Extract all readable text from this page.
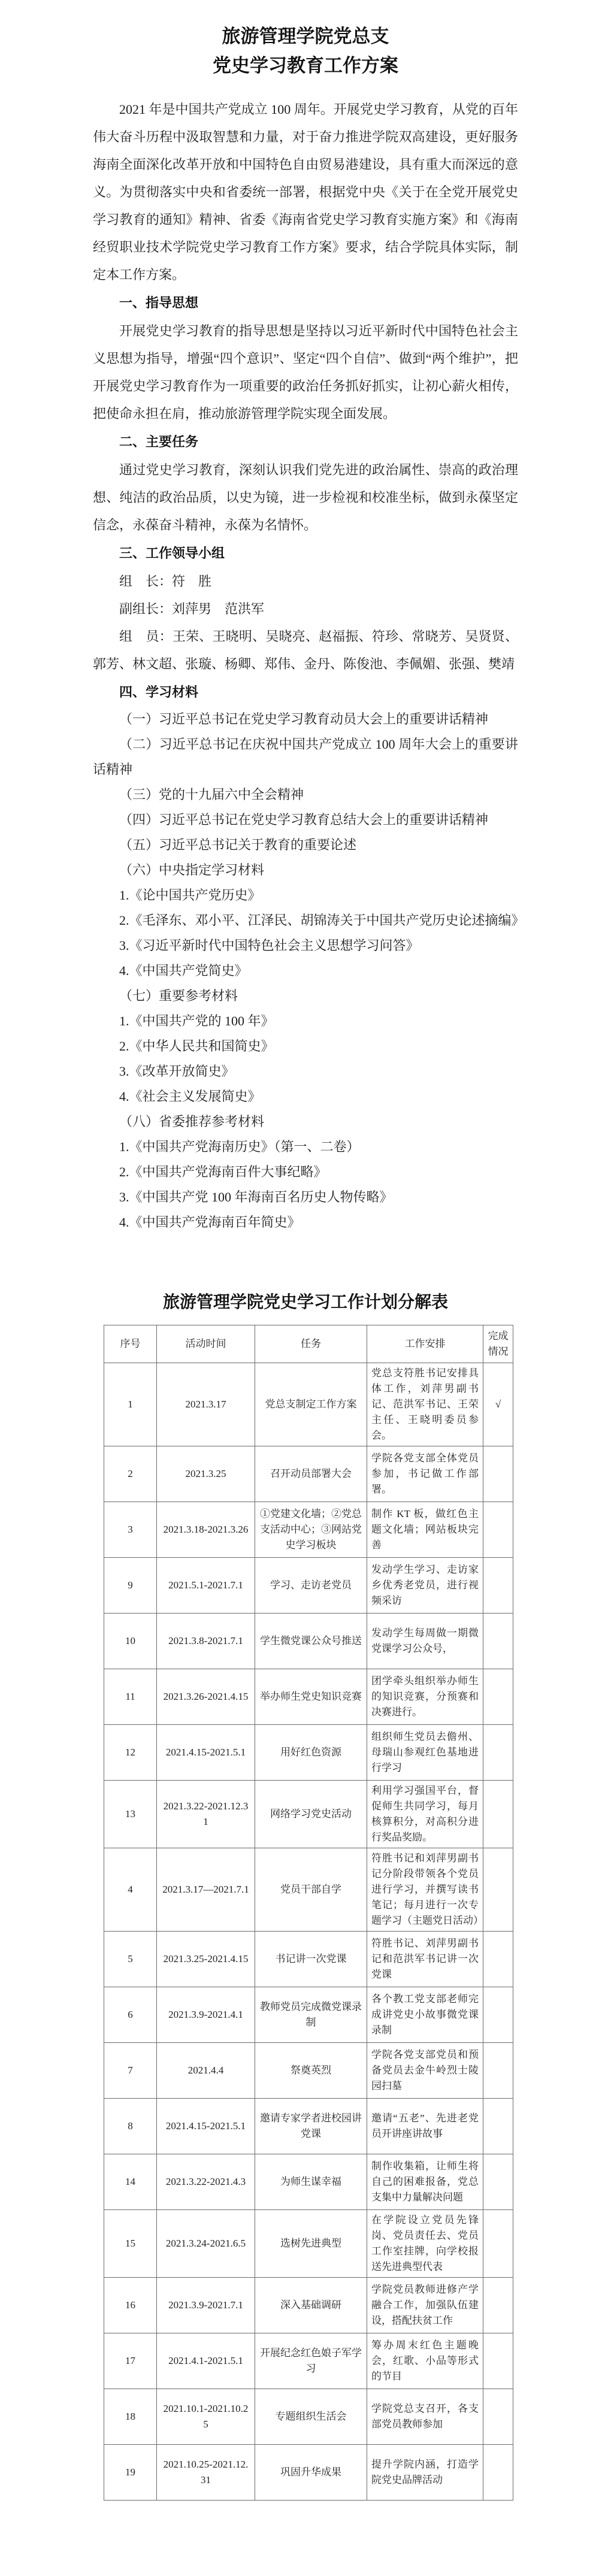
旅游管理学院党总支
党史学习教育工作方案

2021 年是中国共产党成立 100 周年。开展党史学习教育，从党的百年伟大奋斗历程中汲取智慧和力量，对于奋力推进学院双高建设，更好服务海南全面深化改革开放和中国特色自由贸易港建设，具有重大而深远的意义。为贯彻落实中央和省委统一部署，根据党中央《关于在全党开展党史学习教育的通知》精神、省委《海南省党史学习教育实施方案》和《海南经贸职业技术学院党史学习教育工作方案》要求，结合学院具体实际，制定本工作方案。

一、指导思想

开展党史学习教育的指导思想是坚持以习近平新时代中国特色社会主义思想为指导，增强“四个意识”、坚定“四个自信”、做到“两个维护”，把开展党史学习教育作为一项重要的政治任务抓好抓实，让初心薪火相传，把使命永担在肩，推动旅游管理学院实现全面发展。

二、主要任务

通过党史学习教育，深刻认识我们党先进的政治属性、崇高的政治理想、纯洁的政治品质，以史为镜，进一步检视和校准坐标，做到永葆坚定信念，永葆奋斗精神，永葆为名情怀。

三、工作领导小组

组　长：符　胜

副组长：刘萍男　范洪军

组　员：王荣、王晓明、吴晓亮、赵福振、符珍、常晓芳、吴贤贤、郭芳、林文超、张璇、杨卿、郑伟、金丹、陈俊池、李佩媚、张强、樊靖

四、学习材料

（一）习近平总书记在党史学习教育动员大会上的重要讲话精神

（二）习近平总书记在庆祝中国共产党成立 100 周年大会上的重要讲话精神

（三）党的十九届六中全会精神

（四）习近平总书记在党史学习教育总结大会上的重要讲话精神

（五）习近平总书记关于教育的重要论述

（六）中央指定学习材料

1.《论中国共产党历史》

2.《毛泽东、邓小平、江泽民、胡锦涛关于中国共产党历史论述摘编》

3.《习近平新时代中国特色社会主义思想学习问答》

4.《中国共产党简史》

（七）重要参考材料

1.《中国共产党的 100 年》

2.《中华人民共和国简史》

3.《改革开放简史》

4.《社会主义发展简史》

（八）省委推荐参考材料

1.《中国共产党海南历史》（第一、二卷）

2.《中国共产党海南百件大事纪略》

3.《中国共产党 100 年海南百名历史人物传略》

4.《中国共产党海南百年简史》

旅游管理学院党史学习工作计划分解表
序号	活动时间	任务	工作安排	完成情况
1	2021.3.17	党总支制定工作方案	党总支符胜书记安排具体工作，刘萍男副书记、范洪军书记、王荣主任、王晓明委员参会。	√
2	2021.3.25	召开动员部署大会	学院各党支部全体党员参加，书记做工作部署。	
3	2021.3.18-2021.3.26	①党建文化墙；②党总支活动中心；③网站党史学习板块	制作 KT 板，做红色主题文化墙；网站板块完善	
9	2021.5.1-2021.7.1	学习、走访老党员	发动学生学习、走访家乡优秀老党员，进行视频采访	
10	2021.3.8-2021.7.1	学生微党课公众号推送	发动学生每周做一期微党课学习公众号，	
11	2021.3.26-2021.4.15	举办师生党史知识竞赛	团学牵头组织举办师生的知识竞赛，分预赛和决赛进行。	
12	2021.4.15-2021.5.1	用好红色资源	组织师生党员去儋州、母瑞山参观红色基地进行学习	
13	2021.3.22-2021.12.31	网络学习党史活动	利用学习强国平台，督促师生共同学习，每月核算积分，对高积分进行奖品奖励。	
4	2021.3.17—2021.7.1	党员干部自学	符胜书记和刘萍男副书记分阶段带领各个党员进行学习，并撰写读书笔记；每月进行一次专题学习（主题党日活动）	
5	2021.3.25-2021.4.15	书记讲一次党课	符胜书记、刘萍男副书记和范洪军书记讲一次党课	
6	2021.3.9-2021.4.1	教师党员完成微党课录制	各个教工党支部老师完成讲党史小故事微党课录制	
7	2021.4.4	祭奠英烈	学院各党支部党员和预备党员去金牛岭烈士陵园扫墓	
8	2021.4.15-2021.5.1	邀请专家学者进校园讲党课	邀请“五老”、先进老党员开讲座讲故事	
14	2021.3.22-2021.4.3	为师生谋幸福	制作收集箱，让师生将自己的困难报备，党总支集中力量解决问题	
15	2021.3.24-2021.6.5	选树先进典型	在学院设立党员先锋岗、党员责任去、党员工作室挂牌，向学校报送先进典型代表	
16	2021.3.9-2021.7.1	深入基础调研	学院党员教师进修产学融合工作，加强队伍建设，搭配扶贫工作	
17	2021.4.1-2021.5.1	开展纪念红色娘子军学习	筹办周末红色主题晚会，红歌、小品等形式的节目	
18	2021.10.1-2021.10.25	专题组织生活会	学院党总支召开，各支部党员教师参加	
19	2021.10.25-2021.12.31	巩固升华成果	提升学院内涵，打造学院党史品牌活动	
